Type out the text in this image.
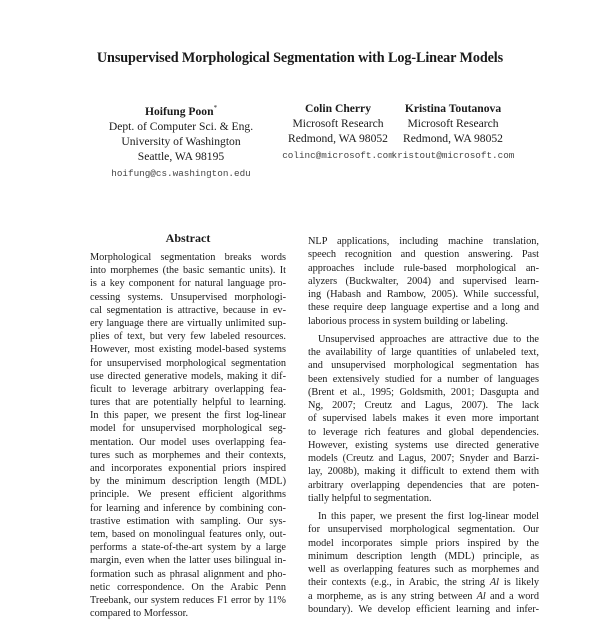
Unsupervised Morphological Segmentation with Log-Linear Models
Hoifung Poon*
Dept. of Computer Sci. & Eng.
University of Washington
Seattle, WA 98195
hoifung@cs.washington.edu
Colin Cherry
Microsoft Research
Redmond, WA 98052
colinc@microsoft.com
Kristina Toutanova
Microsoft Research
Redmond, WA 98052
kristout@microsoft.com
Abstract
Morphological segmentation breaks words
into morphemes (the basic semantic units). It
is a key component for natural language pro-
cessing systems. Unsupervised morphologi-
cal segmentation is attractive, because in ev-
ery language there are virtually unlimited sup-
plies of text, but very few labeled resources.
However, most existing model-based systems
for unsupervised morphological segmentation
use directed generative models, making it dif-
ficult to leverage arbitrary overlapping fea-
tures that are potentially helpful to learning.
In this paper, we present the first log-linear
model for unsupervised morphological seg-
mentation. Our model uses overlapping fea-
tures such as morphemes and their contexts,
and incorporates exponential priors inspired
by the minimum description length (MDL)
principle. We present efficient algorithms
for learning and inference by combining con-
trastive estimation with sampling. Our sys-
tem, based on monolingual features only, out-
performs a state-of-the-art system by a large
margin, even when the latter uses bilingual in-
formation such as phrasal alignment and pho-
netic correspondence. On the Arabic Penn
Treebank, our system reduces F1 error by 11%
compared to Morfessor.
NLP applications, including machine translation,
speech recognition and question answering. Past
approaches include rule-based morphological an-
alyzers (Buckwalter, 2004) and supervised learn-
ing (Habash and Rambow, 2005). While successful,
these require deep language expertise and a long and
laborious process in system building or labeling.
Unsupervised approaches are attractive due to the
the availability of large quantities of unlabeled text,
and unsupervised morphological segmentation has
been extensively studied for a number of languages
(Brent et al., 1995; Goldsmith, 2001; Dasgupta and
Ng, 2007; Creutz and Lagus, 2007). The lack
of supervised labels makes it even more important
to leverage rich features and global dependencies.
However, existing systems use directed generative
models (Creutz and Lagus, 2007; Snyder and Barzi-
lay, 2008b), making it difficult to extend them with
arbitrary overlapping dependencies that are poten-
tially helpful to segmentation.
In this paper, we present the first log-linear model
for unsupervised morphological segmentation. Our
model incorporates simple priors inspired by the
minimum description length (MDL) principle, as
well as overlapping features such as morphemes and
their contexts (e.g., in Arabic, the string Al is likely
a morpheme, as is any string between Al and a word
boundary). We develop efficient learning and infer-
